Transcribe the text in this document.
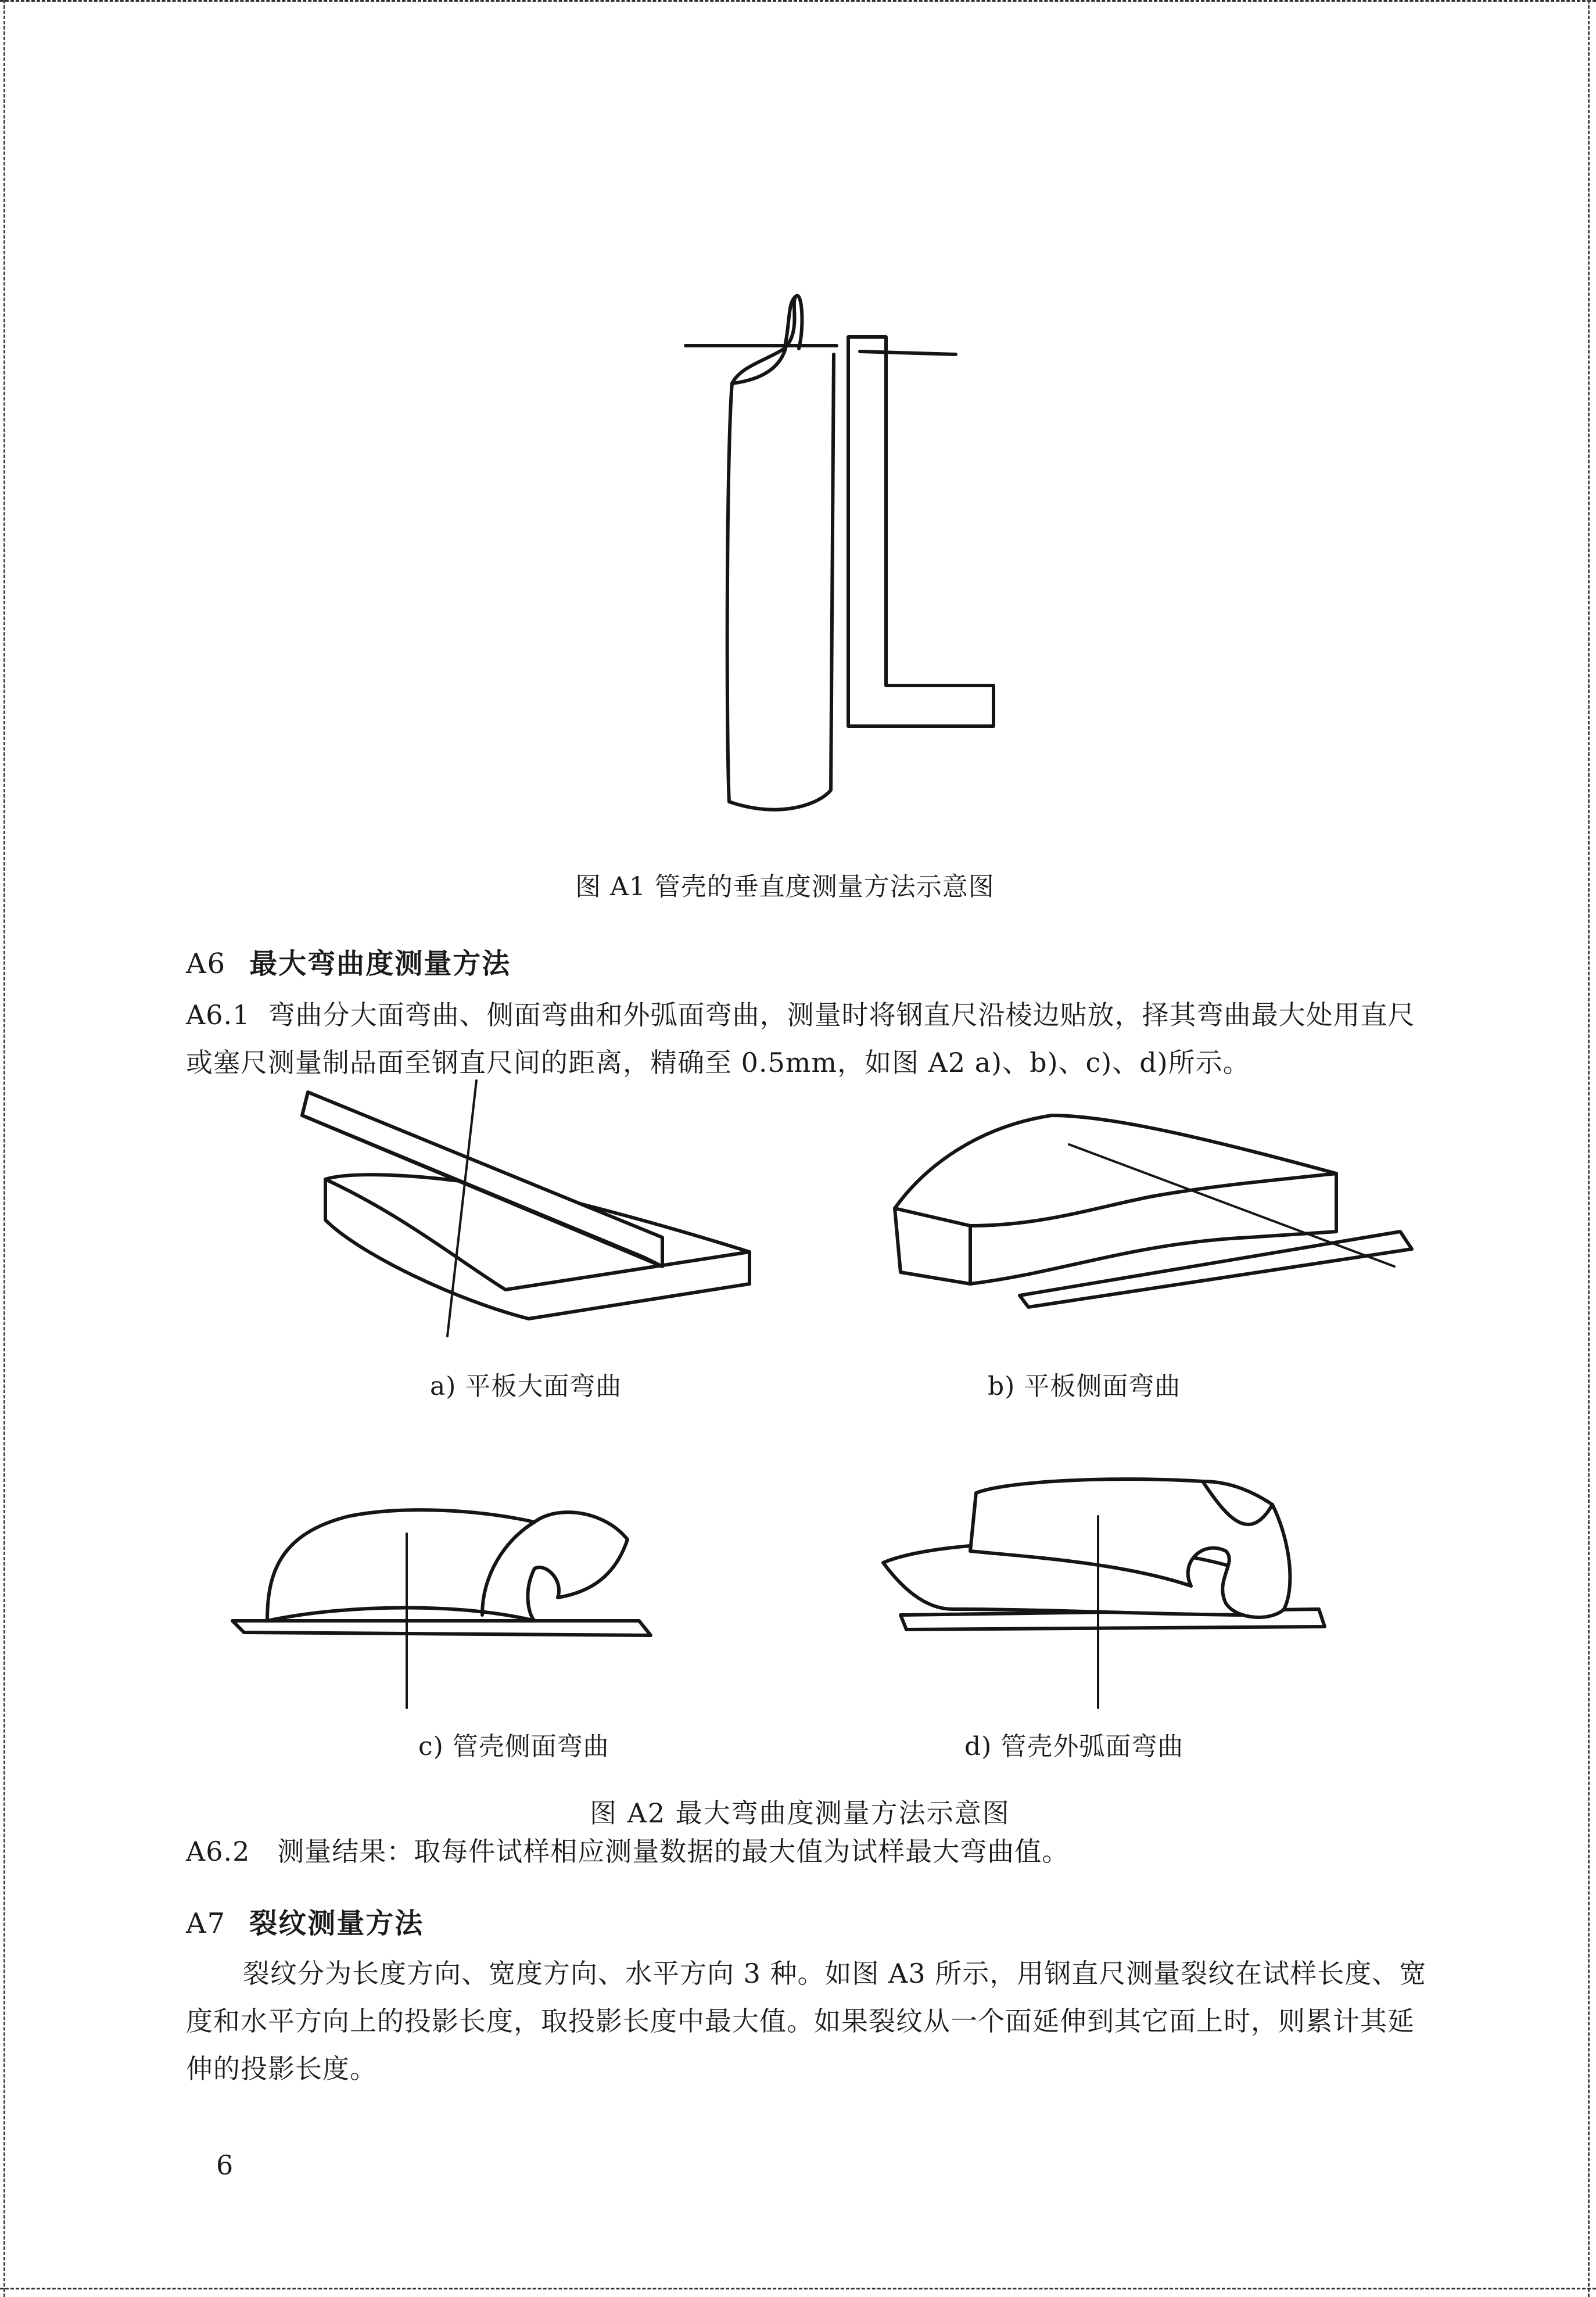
图 A1 管壳的垂直度测量方法示意图
A6 最大弯曲度测量方法
A6.1 弯曲分大面弯曲、侧面弯曲和外弧面弯曲，测量时将钢直尺沿棱边贴放，择其弯曲最大处用直尺或塞尺测量制品面至钢直尺间的距离，精确至 0.5mm，如图 A2 a)、b)、c)、d)所示。
a) 平板大面弯曲	b) 平板侧面弯曲
c) 管壳侧面弯曲	d) 管壳外弧面弯曲
图 A2 最大弯曲度测量方法示意图
A6.2 测量结果：取每件试样相应测量数据的最大值为试样最大弯曲值。
A7 裂纹测量方法
裂纹分为长度方向、宽度方向、水平方向 3 种。如图 A3 所示，用钢直尺测量裂纹在试样长度、宽度和水平方向上的投影长度，取投影长度中最大值。如果裂纹从一个面延伸到其它面上时，则累计其延伸的投影长度。
6
